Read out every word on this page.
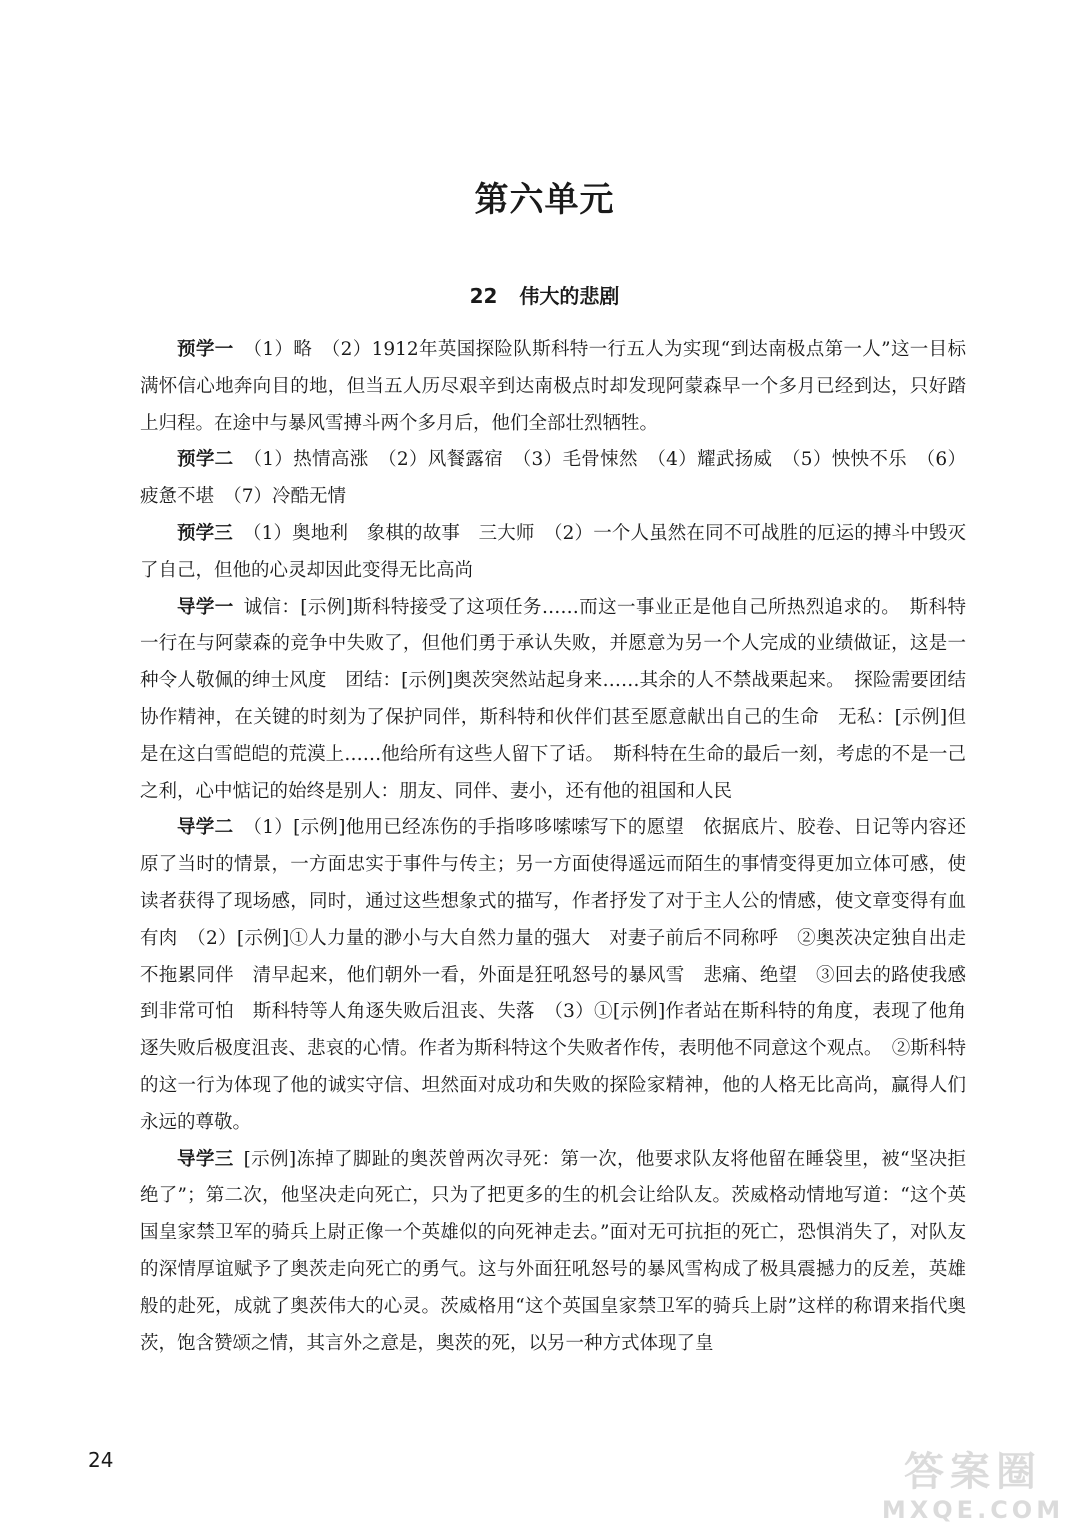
第六单元
22 伟大的悲剧

预学一 （1）略　（2）1912年英国探险队斯科特一行五人为实现“到达南极点第一人”这一目标满怀信心地奔向目的地，但当五人历尽艰辛到达南极点时却发现阿蒙森早一个多月已经到达，只好踏上归程。在途中与暴风雪搏斗两个多月后，他们全部壮烈牺牲。

预学二 （1）热情高涨　（2）风餐露宿　（3）毛骨悚然　（4）耀武扬威　（5）怏怏不乐　（6）疲惫不堪　（7）冷酷无情

预学三 （1）奥地利　象棋的故事　三大师　（2）一个人虽然在同不可战胜的厄运的搏斗中毁灭了自己，但他的心灵却因此变得无比高尚

导学一 诚信：[示例]斯科特接受了这项任务……而这一事业正是他自己所热烈追求的。　斯科特一行在与阿蒙森的竞争中失败了，但他们勇于承认失败，并愿意为另一个人完成的业绩做证，这是一种令人敬佩的绅士风度　团结：[示例]奥茨突然站起身来……其余的人不禁战栗起来。　探险需要团结协作精神，在关键的时刻为了保护同伴，斯科特和伙伴们甚至愿意献出自己的生命　无私：[示例]但是在这白雪皑皑的荒漠上……他给所有这些人留下了话。　斯科特在生命的最后一刻，考虑的不是一己之利，心中惦记的始终是别人：朋友、同伴、妻小，还有他的祖国和人民

导学二 （1）[示例]他用已经冻伤的手指哆哆嗦嗦写下的愿望　依据底片、胶卷、日记等内容还原了当时的情景，一方面忠实于事件与传主；另一方面使得遥远而陌生的事情变得更加立体可感，使读者获得了现场感，同时，通过这些想象式的描写，作者抒发了对于主人公的情感，使文章变得有血有肉　（2）[示例]①人力量的渺小与大自然力量的强大　对妻子前后不同称呼　②奥茨决定独自出走不拖累同伴　清早起来，他们朝外一看，外面是狂吼怒号的暴风雪　悲痛、绝望　③回去的路使我感到非常可怕　斯科特等人角逐失败后沮丧、失落　（3）①[示例]作者站在斯科特的角度，表现了他角逐失败后极度沮丧、悲哀的心情。作者为斯科特这个失败者作传，表明他不同意这个观点。　②斯科特的这一行为体现了他的诚实守信、坦然面对成功和失败的探险家精神，他的人格无比高尚，赢得人们永远的尊敬。

导学三 [示例]冻掉了脚趾的奥茨曾两次寻死：第一次，他要求队友将他留在睡袋里，被“坚决拒绝了”；第二次，他坚决走向死亡，只为了把更多的生的机会让给队友。茨威格动情地写道：“这个英国皇家禁卫军的骑兵上尉正像一个英雄似的向死神走去。”面对无可抗拒的死亡，恐惧消失了，对队友的深情厚谊赋予了奥茨走向死亡的勇气。这与外面狂吼怒号的暴风雪构成了极具震撼力的反差，英雄般的赴死，成就了奥茨伟大的心灵。茨威格用“这个英国皇家禁卫军的骑兵上尉”这样的称谓来指代奥茨，饱含赞颂之情，其言外之意是，奥茨的死，以另一种方式体现了皇

24	答案圈
MXQE.COM
